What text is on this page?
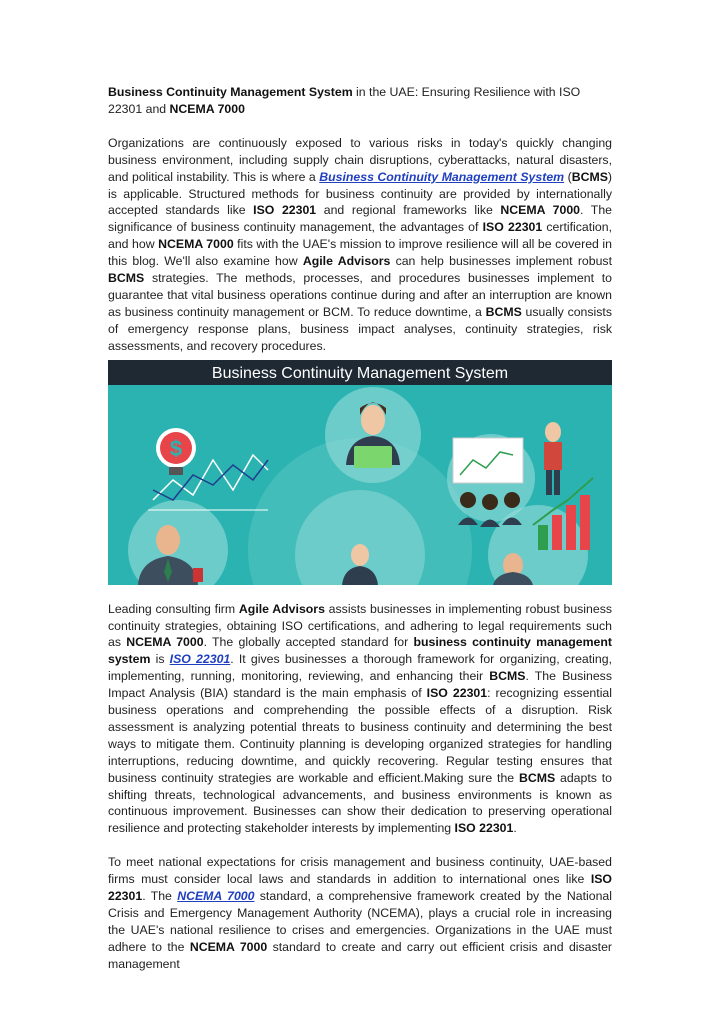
Business Continuity Management System in the UAE: Ensuring Resilience with ISO 22301 and NCEMA 7000

Organizations are continuously exposed to various risks in today's quickly changing business environment, including supply chain disruptions, cyberattacks, natural disasters, and political instability. This is where a Business Continuity Management System (BCMS) is applicable. Structured methods for business continuity are provided by internationally accepted standards like ISO 22301 and regional frameworks like NCEMA 7000. The significance of business continuity management, the advantages of ISO 22301 certification, and how NCEMA 7000 fits with the UAE's mission to improve resilience will all be covered in this blog. We'll also examine how Agile Advisors can help businesses implement robust BCMS strategies. The methods, processes, and procedures businesses implement to guarantee that vital business operations continue during and after an interruption are known as business continuity management or BCM. To reduce downtime, a BCMS usually consists of emergency response plans, business impact analyses, continuity strategies, risk assessments, and recovery procedures.

Business Continuity Management System
$

Leading consulting firm Agile Advisors assists businesses in implementing robust business continuity strategies, obtaining ISO certifications, and adhering to legal requirements such as NCEMA 7000. The globally accepted standard for business continuity management system is ISO 22301. It gives businesses a thorough framework for organizing, creating, implementing, running, monitoring, reviewing, and enhancing their BCMS. The Business Impact Analysis (BIA) standard is the main emphasis of ISO 22301: recognizing essential business operations and comprehending the possible effects of a disruption. Risk assessment is analyzing potential threats to business continuity and determining the best ways to mitigate them. Continuity planning is developing organized strategies for handling interruptions, reducing downtime, and quickly recovering. Regular testing ensures that business continuity strategies are workable and efficient.Making sure the BCMS adapts to shifting threats, technological advancements, and business environments is known as continuous improvement. Businesses can show their dedication to preserving operational resilience and protecting stakeholder interests by implementing ISO 22301.

To meet national expectations for crisis management and business continuity, UAE-based firms must consider local laws and standards in addition to international ones like ISO 22301. The NCEMA 7000 standard, a comprehensive framework created by the National Crisis and Emergency Management Authority (NCEMA), plays a crucial role in increasing the UAE's national resilience to crises and emergencies. Organizations in the UAE must adhere to the NCEMA 7000 standard to create and carry out efficient crisis and disaster management
